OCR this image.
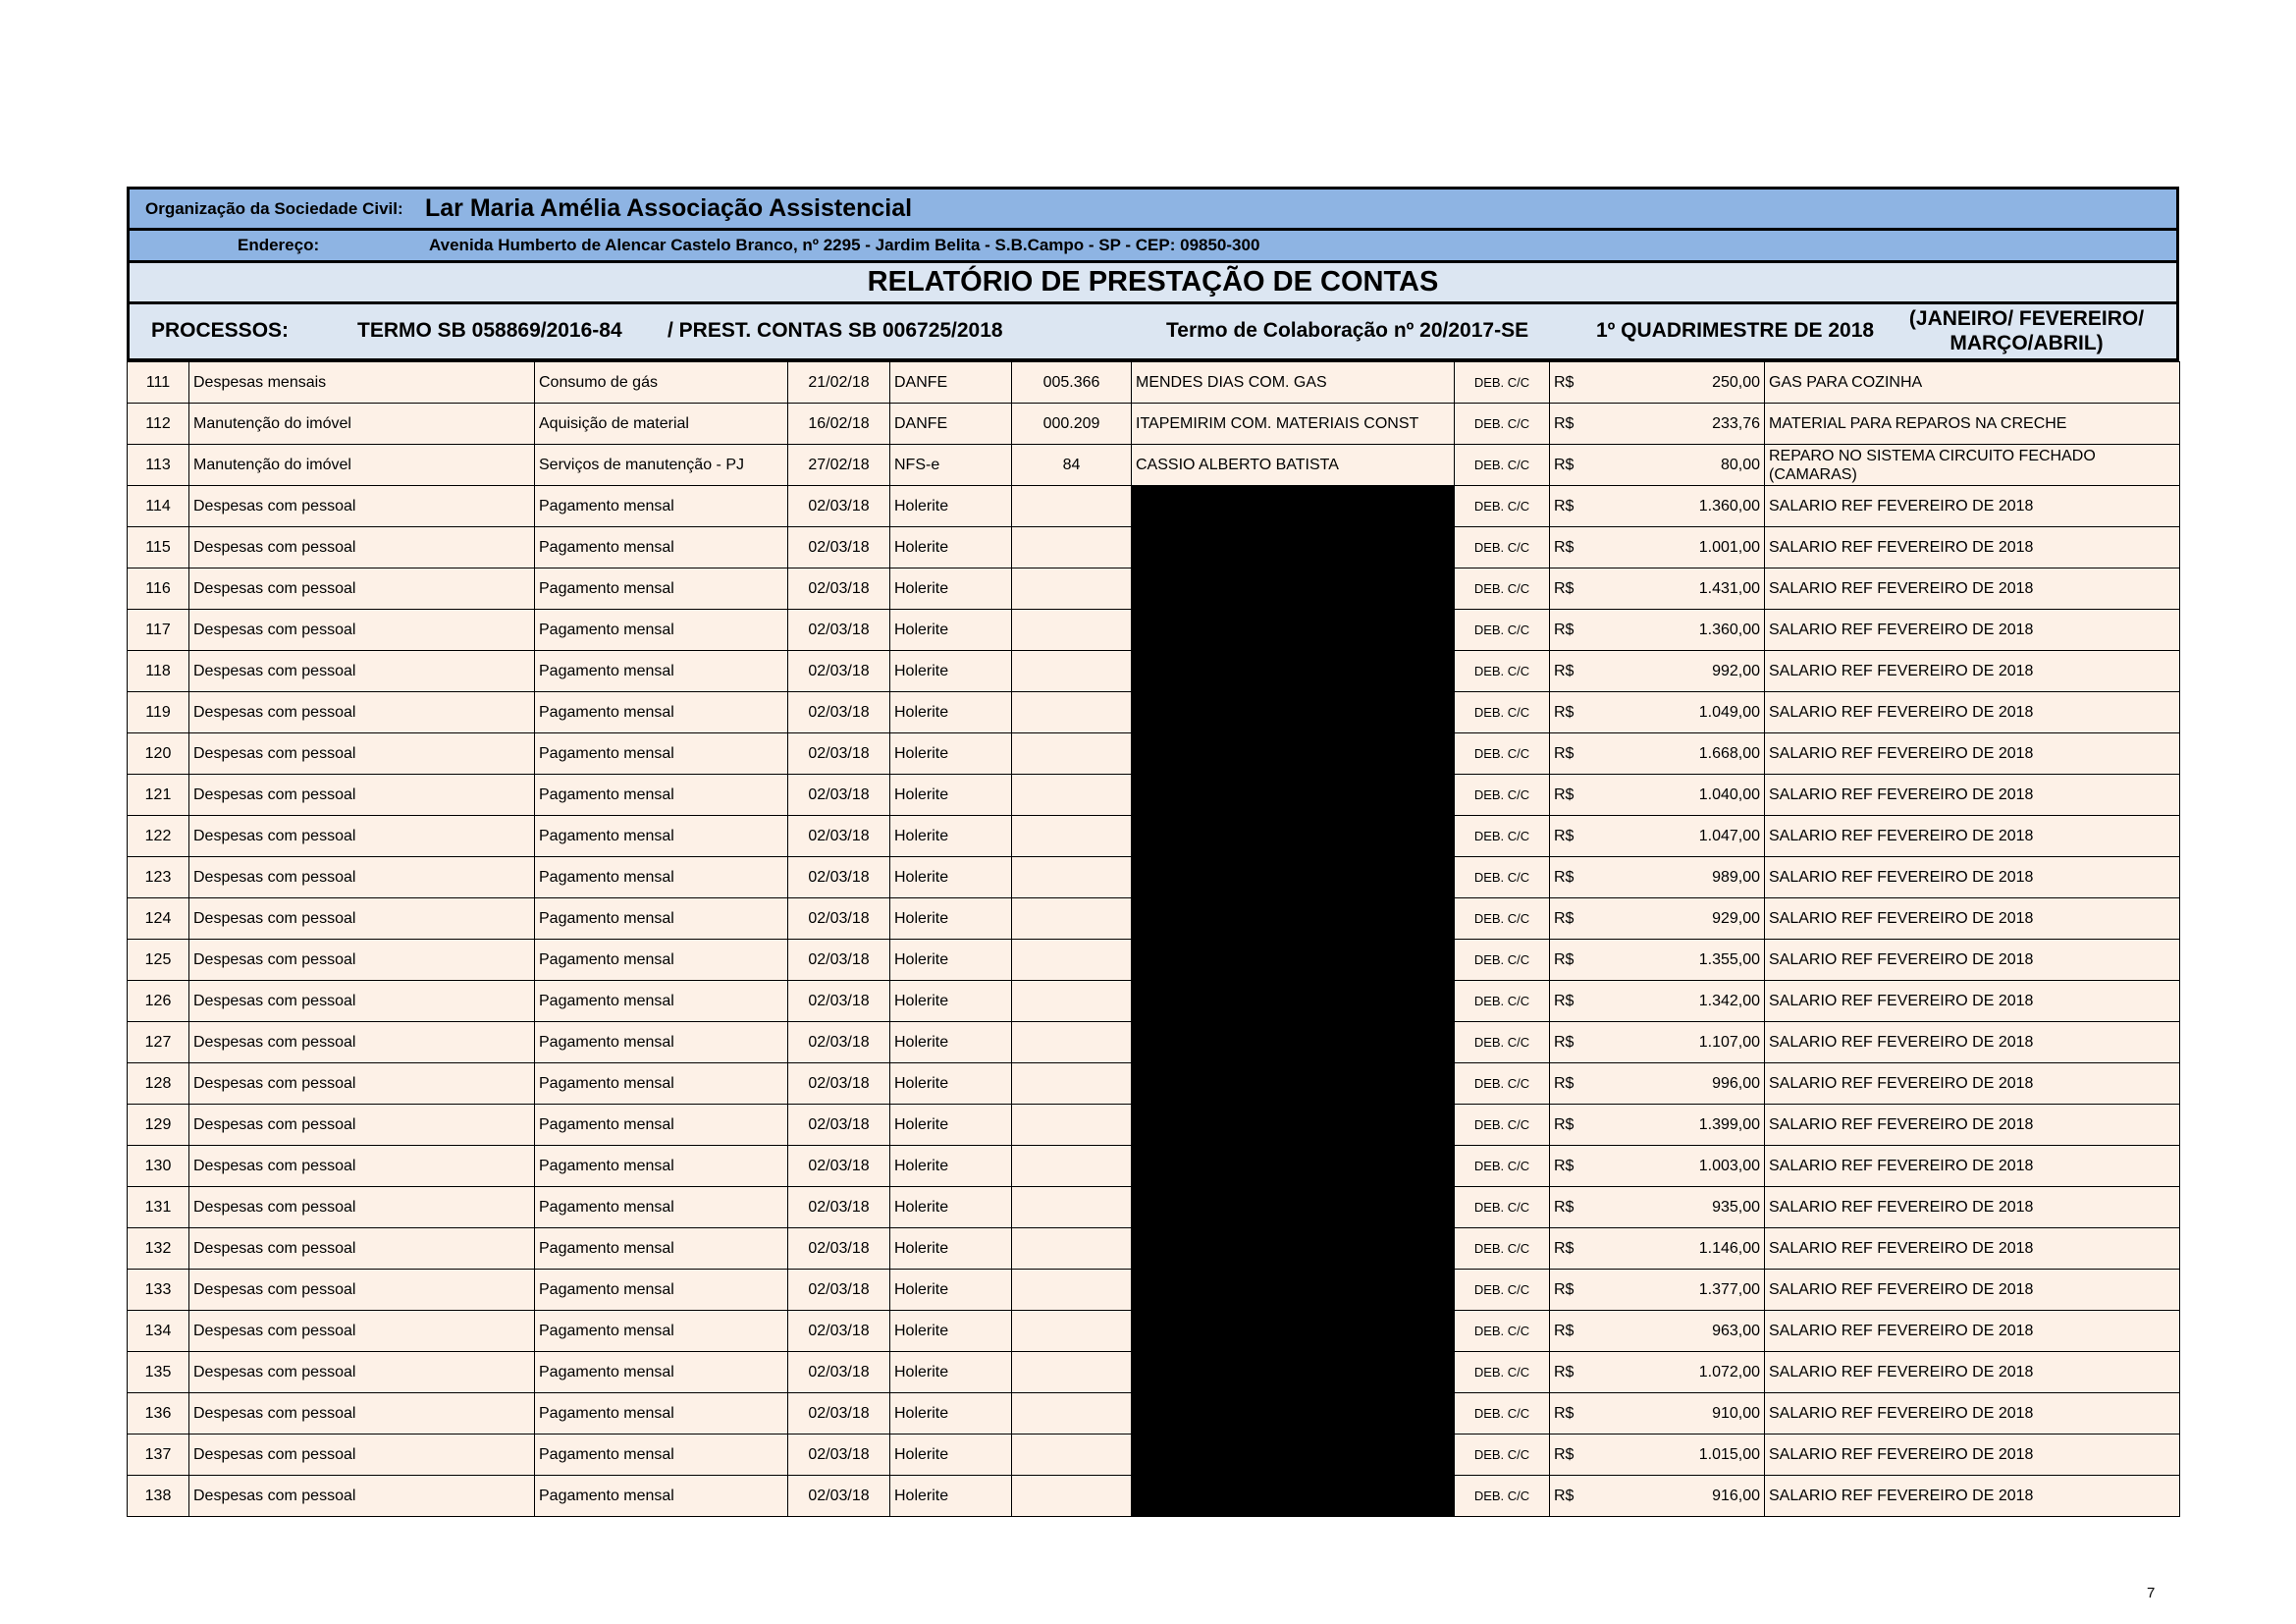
Organização da Sociedade Civil: Lar Maria Amélia Associação Assistencial
Endereço:	Avenida Humberto de Alencar Castelo Branco, nº 2295 - Jardim Belita - S.B.Campo - SP - CEP: 09850-300
RELATÓRIO DE PRESTAÇÃO DE CONTAS
PROCESSOS:	TERMO SB 058869/2016-84 / PREST. CONTAS SB 006725/2018	Termo de Colaboração nº 20/2017-SE	1º QUADRIMESTRE DE 2018
(JANEIRO/ FEVEREIRO/
MARÇO/ABRIL)
111	Despesas mensais	Consumo de gás	21/02/18	DANFE	005.366	MENDES DIAS COM. GAS	DEB. C/C	R$ 250,00	GAS PARA COZINHA
112	Manutenção do imóvel	Aquisição de material	16/02/18	DANFE	000.209	ITAPEMIRIM COM. MATERIAIS CONST	DEB. C/C	R$ 233,76	MATERIAL PARA REPAROS NA CRECHE
113	Manutenção do imóvel	Serviços de manutenção - PJ	27/02/18	NFS-e	84	CASSIO ALBERTO BATISTA	DEB. C/C	R$ 80,00	REPARO NO SISTEMA CIRCUITO FECHADO (CAMARAS)
114	Despesas com pessoal	Pagamento mensal	02/03/18	Holerite			DEB. C/C	R$ 1.360,00	SALARIO REF FEVEREIRO DE 2018
115	Despesas com pessoal	Pagamento mensal	02/03/18	Holerite			DEB. C/C	R$ 1.001,00	SALARIO REF FEVEREIRO DE 2018
116	Despesas com pessoal	Pagamento mensal	02/03/18	Holerite			DEB. C/C	R$ 1.431,00	SALARIO REF FEVEREIRO DE 2018
117	Despesas com pessoal	Pagamento mensal	02/03/18	Holerite			DEB. C/C	R$ 1.360,00	SALARIO REF FEVEREIRO DE 2018
118	Despesas com pessoal	Pagamento mensal	02/03/18	Holerite			DEB. C/C	R$ 992,00	SALARIO REF FEVEREIRO DE 2018
119	Despesas com pessoal	Pagamento mensal	02/03/18	Holerite			DEB. C/C	R$ 1.049,00	SALARIO REF FEVEREIRO DE 2018
120	Despesas com pessoal	Pagamento mensal	02/03/18	Holerite			DEB. C/C	R$ 1.668,00	SALARIO REF FEVEREIRO DE 2018
121	Despesas com pessoal	Pagamento mensal	02/03/18	Holerite			DEB. C/C	R$ 1.040,00	SALARIO REF FEVEREIRO DE 2018
122	Despesas com pessoal	Pagamento mensal	02/03/18	Holerite			DEB. C/C	R$ 1.047,00	SALARIO REF FEVEREIRO DE 2018
123	Despesas com pessoal	Pagamento mensal	02/03/18	Holerite			DEB. C/C	R$ 989,00	SALARIO REF FEVEREIRO DE 2018
124	Despesas com pessoal	Pagamento mensal	02/03/18	Holerite			DEB. C/C	R$ 929,00	SALARIO REF FEVEREIRO DE 2018
125	Despesas com pessoal	Pagamento mensal	02/03/18	Holerite			DEB. C/C	R$ 1.355,00	SALARIO REF FEVEREIRO DE 2018
126	Despesas com pessoal	Pagamento mensal	02/03/18	Holerite			DEB. C/C	R$ 1.342,00	SALARIO REF FEVEREIRO DE 2018
127	Despesas com pessoal	Pagamento mensal	02/03/18	Holerite			DEB. C/C	R$ 1.107,00	SALARIO REF FEVEREIRO DE 2018
128	Despesas com pessoal	Pagamento mensal	02/03/18	Holerite			DEB. C/C	R$ 996,00	SALARIO REF FEVEREIRO DE 2018
129	Despesas com pessoal	Pagamento mensal	02/03/18	Holerite			DEB. C/C	R$ 1.399,00	SALARIO REF FEVEREIRO DE 2018
130	Despesas com pessoal	Pagamento mensal	02/03/18	Holerite			DEB. C/C	R$ 1.003,00	SALARIO REF FEVEREIRO DE 2018
131	Despesas com pessoal	Pagamento mensal	02/03/18	Holerite			DEB. C/C	R$ 935,00	SALARIO REF FEVEREIRO DE 2018
132	Despesas com pessoal	Pagamento mensal	02/03/18	Holerite			DEB. C/C	R$ 1.146,00	SALARIO REF FEVEREIRO DE 2018
133	Despesas com pessoal	Pagamento mensal	02/03/18	Holerite			DEB. C/C	R$ 1.377,00	SALARIO REF FEVEREIRO DE 2018
134	Despesas com pessoal	Pagamento mensal	02/03/18	Holerite			DEB. C/C	R$ 963,00	SALARIO REF FEVEREIRO DE 2018
135	Despesas com pessoal	Pagamento mensal	02/03/18	Holerite			DEB. C/C	R$ 1.072,00	SALARIO REF FEVEREIRO DE 2018
136	Despesas com pessoal	Pagamento mensal	02/03/18	Holerite			DEB. C/C	R$ 910,00	SALARIO REF FEVEREIRO DE 2018
137	Despesas com pessoal	Pagamento mensal	02/03/18	Holerite			DEB. C/C	R$ 1.015,00	SALARIO REF FEVEREIRO DE 2018
138	Despesas com pessoal	Pagamento mensal	02/03/18	Holerite			DEB. C/C	R$ 916,00	SALARIO REF FEVEREIRO DE 2018
7
